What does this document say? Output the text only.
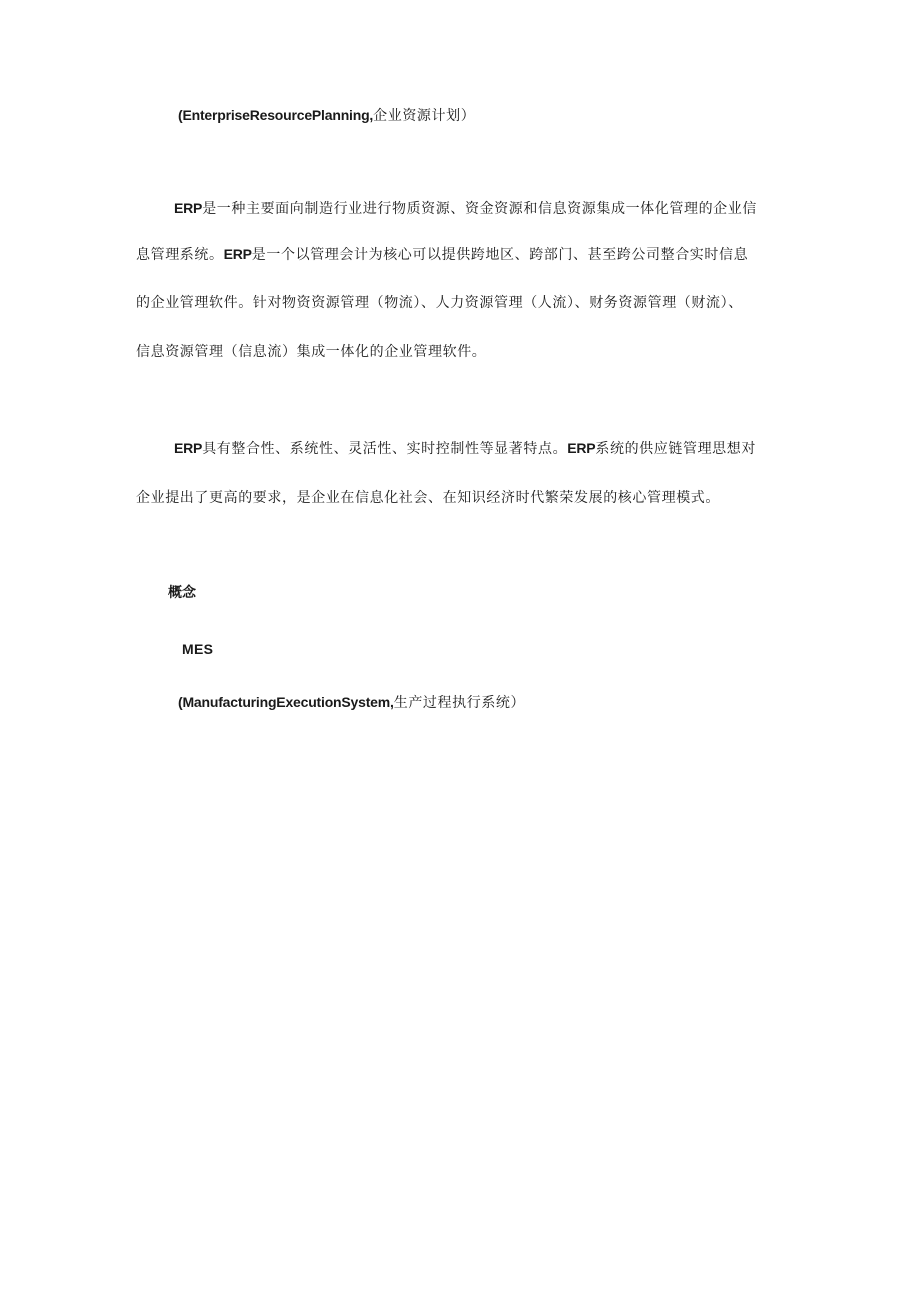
(EnterpriseResourcePlanning,企业资源计划）
ERP是一种主要面向制造行业进行物质资源、资金资源和信息资源集成一体化管理的企业信
息管理系统。ERP是一个以管理会计为核心可以提供跨地区、跨部门、甚至跨公司整合实时信息
的企业管理软件。针对物资资源管理（物流）、人力资源管理（人流）、财务资源管理（财流）、
信息资源管理（信息流）集成一体化的企业管理软件。
ERP具有整合性、系统性、灵活性、实时控制性等显著特点。ERP系统的供应链管理思想对
企业提出了更高的要求，是企业在信息化社会、在知识经济时代繁荣发展的核心管理模式。
概念
MES
(ManufacturingExecutionSystem,生产过程执行系统）
